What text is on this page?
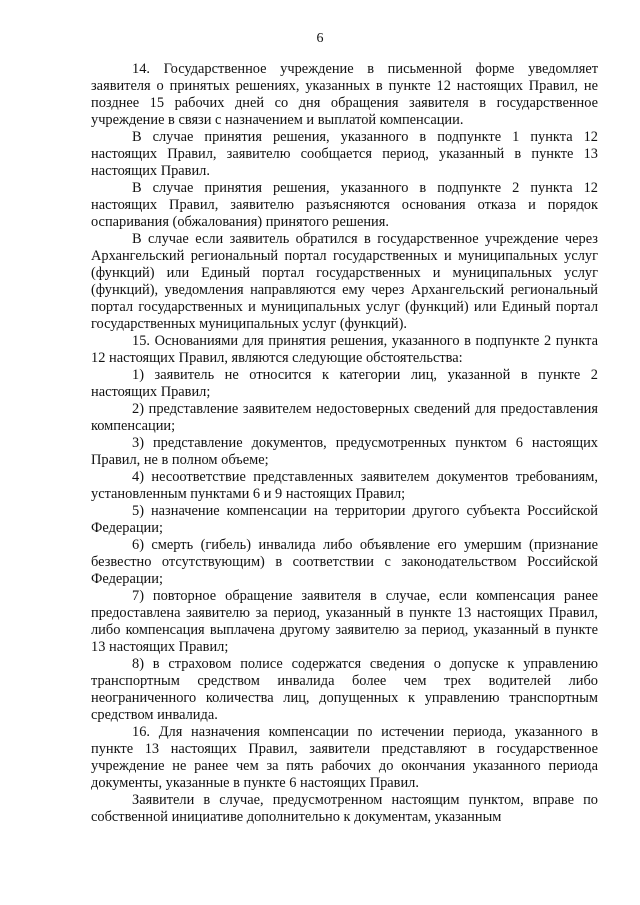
6

14. Государственное учреждение в письменной форме уведомляет заявителя о принятых решениях, указанных в пункте 12 настоящих Правил, не позднее 15 рабочих дней со дня обращения заявителя в государственное учреждение в связи с назначением и выплатой компенсации.

В случае принятия решения, указанного в подпункте 1 пункта 12 настоящих Правил, заявителю сообщается период, указанный в пункте 13 настоящих Правил.

В случае принятия решения, указанного в подпункте 2 пункта 12 настоящих Правил, заявителю разъясняются основания отказа и порядок оспаривания (обжалования) принятого решения.

В случае если заявитель обратился в государственное учреждение через Архангельский региональный портал государственных и муниципальных услуг (функций) или Единый портал государственных и муниципальных услуг (функций), уведомления направляются ему через Архангельский региональный портал государственных и муниципальных услуг (функций) или Единый портал государственных муниципальных услуг (функций).

15. Основаниями для принятия решения, указанного в подпункте 2 пункта 12 настоящих Правил, являются следующие обстоятельства:

1) заявитель не относится к категории лиц, указанной в пункте 2 настоящих Правил;

2) представление заявителем недостоверных сведений для предоставления компенсации;

3) представление документов, предусмотренных пунктом 6 настоящих Правил, не в полном объеме;

4) несоответствие представленных заявителем документов требованиям, установленным пунктами 6 и 9 настоящих Правил;

5) назначение компенсации на территории другого субъекта Российской Федерации;

6) смерть (гибель) инвалида либо объявление его умершим (признание безвестно отсутствующим) в соответствии с законодательством Российской Федерации;

7) повторное обращение заявителя в случае, если компенсация ранее предоставлена заявителю за период, указанный в пункте 13 настоящих Правил, либо компенсация выплачена другому заявителю за период, указанный в пункте 13 настоящих Правил;

8) в страховом полисе содержатся сведения о допуске к управлению транспортным средством инвалида более чем трех водителей либо неограниченного количества лиц, допущенных к управлению транспортным средством инвалида.

16. Для назначения компенсации по истечении периода, указанного в пункте 13 настоящих Правил, заявители представляют в государственное учреждение не ранее чем за пять рабочих до окончания указанного периода документы, указанные в пункте 6 настоящих Правил.

Заявители в случае, предусмотренном настоящим пунктом, вправе по собственной инициативе дополнительно к документам, указанным
